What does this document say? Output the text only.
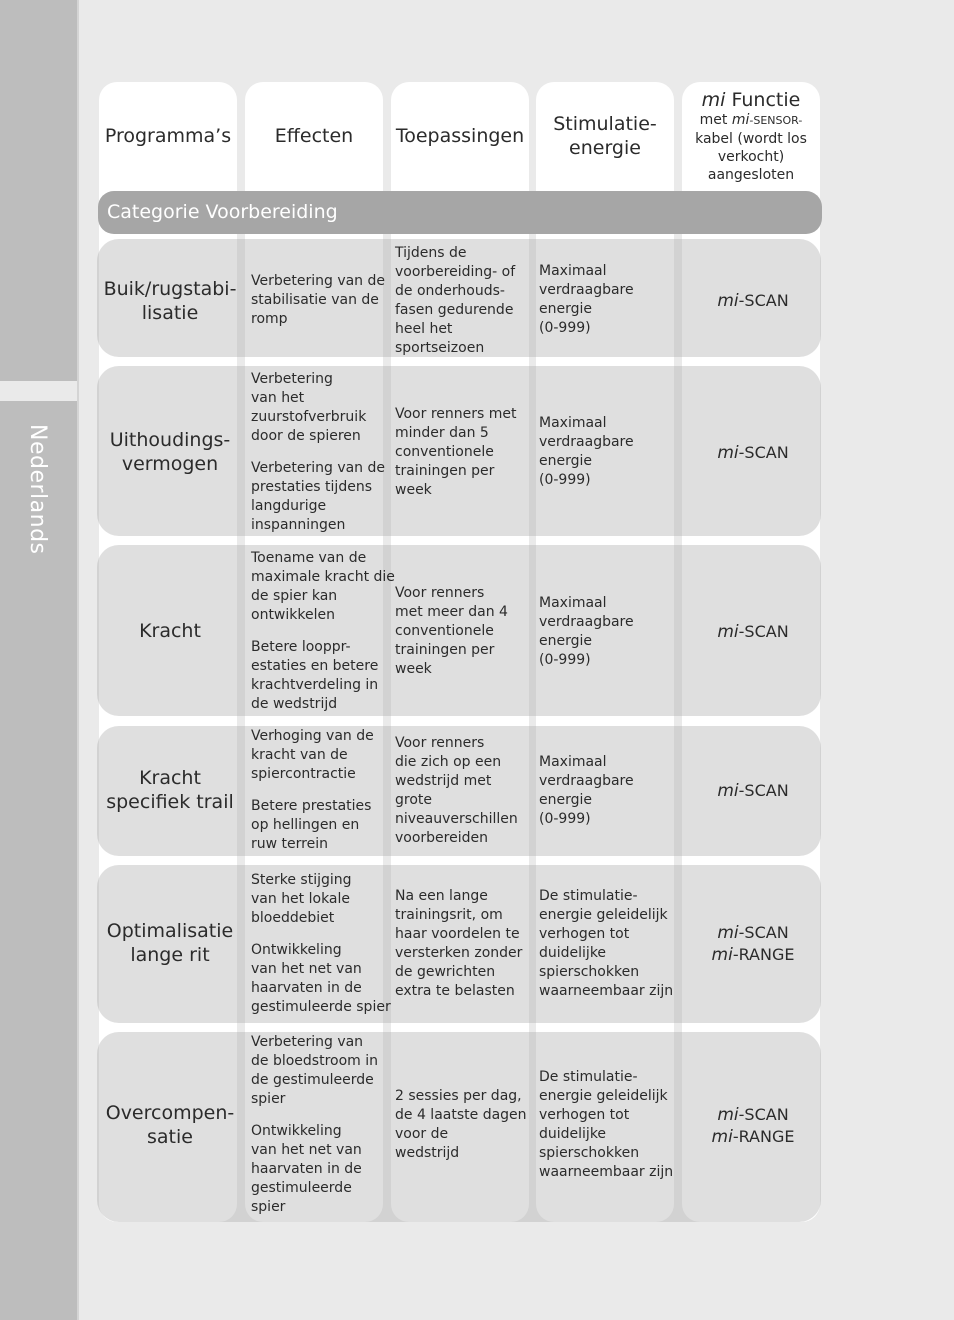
Nederlands
Programma’s	Effecten	Toepassingen
Stimulatie-
energie
mi Functie
met mi-SENSOR-
kabel (wordt los
verkocht)
aangesloten
Categorie Voorbereiding
Buik/rugstabi-
lisatie
Verbetering van de
stabilisatie van de
romp
Tijdens de
voorbereiding- of
de onderhouds-
fasen gedurende
heel het
sportseizoen
Maximaal
verdraagbare
energie
(0-999)
mi-SCAN
Uithoudings-
vermogen
Verbetering
van het
zuurstofverbruik
door de spieren
Verbetering van de
prestaties tijdens
langdurige
inspanningen
Voor renners met
minder dan 5
conventionele
trainingen per
week
Maximaal
verdraagbare
energie
(0-999)
mi-SCAN
Kracht
Toename van de
maximale kracht die
de spier kan
ontwikkelen
Betere looppr-
estaties en betere
krachtverdeling in
de wedstrijd
Voor renners
met meer dan 4
conventionele
trainingen per
week
Maximaal
verdraagbare
energie
(0-999)
mi-SCAN
Kracht
specifiek trail
Verhoging van de
kracht van de
spiercontractie
Betere prestaties
op hellingen en
ruw terrein
Voor renners
die zich op een
wedstrijd met
grote
niveauverschillen
voorbereiden
Maximaal
verdraagbare
energie
(0-999)
mi-SCAN
Optimalisatie
lange rit
Sterke stijging
van het lokale
bloeddebiet
Ontwikkeling
van het net van
haarvaten in de
gestimuleerde spier
Na een lange
trainingsrit, om
haar voordelen te
versterken zonder
de gewrichten
extra te belasten
De stimulatie-
energie geleidelijk
verhogen tot
duidelijke
spierschokken
waarneembaar zijn
mi-SCAN
mi-RANGE
Overcompen-
satie
Verbetering van
de bloedstroom in
de gestimuleerde
spier
Ontwikkeling
van het net van
haarvaten in de
gestimuleerde
spier
2 sessies per dag,
de 4 laatste dagen
voor de
wedstrijd
De stimulatie-
energie geleidelijk
verhogen tot
duidelijke
spierschokken
waarneembaar zijn
mi-SCAN
mi-RANGE
